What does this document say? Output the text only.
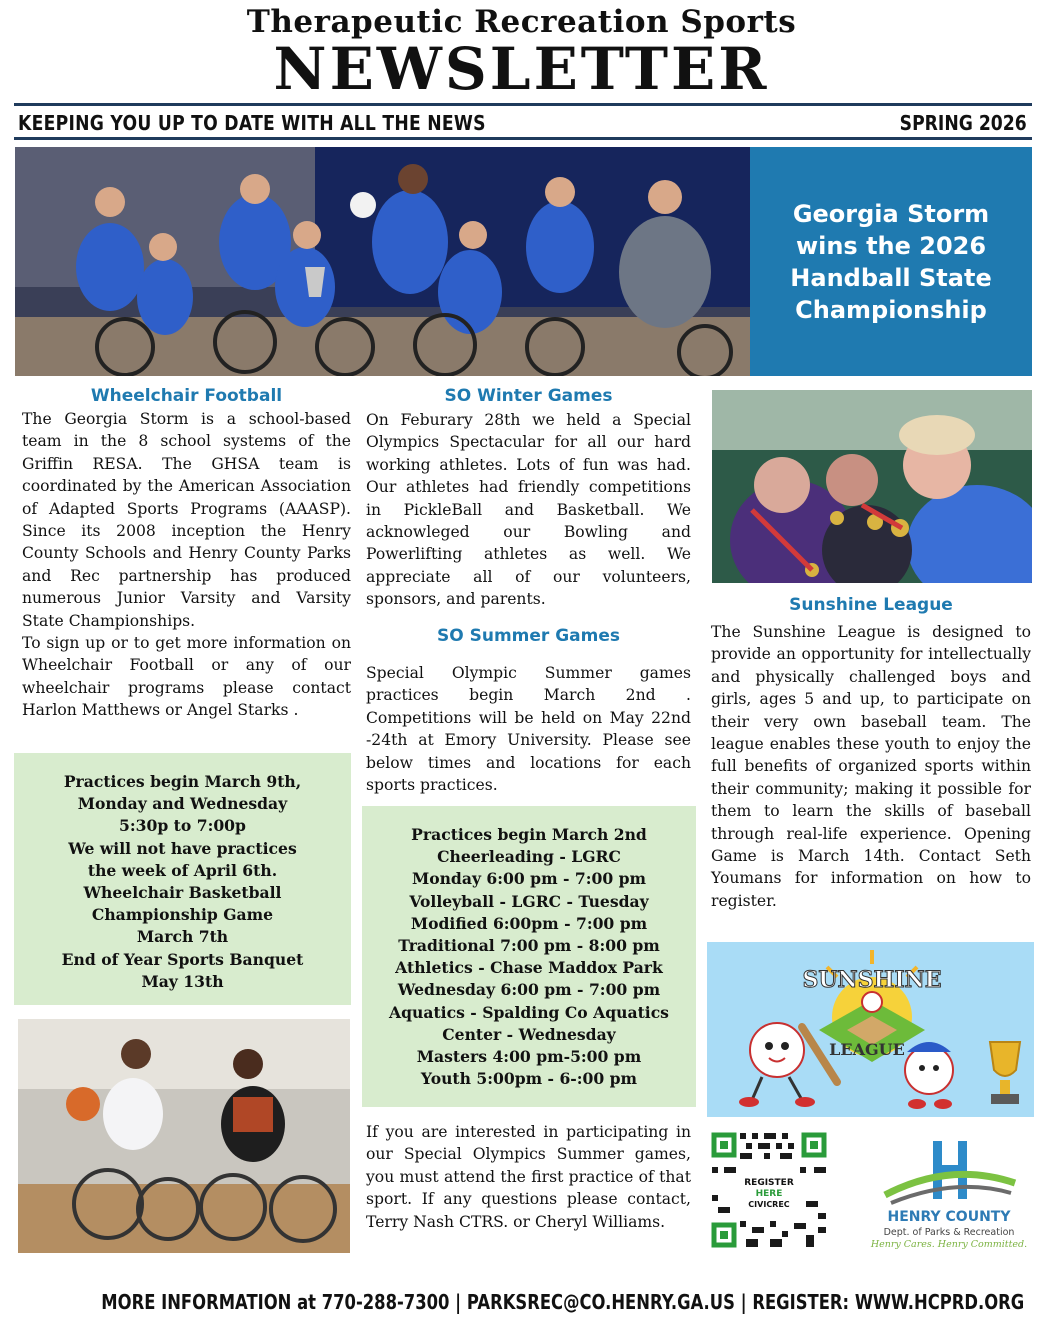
Therapeutic Recreation Sports
NEWSLETTER
KEEPING YOU UP TO DATE WITH ALL THE NEWS	SPRING 2026
Georgia Storm wins the 2026 Handball State Championship
Wheelchair Football
The Georgia Storm is a school-based team in the 8 school systems of the Griffin RESA. The GHSA team is coordinated by the American Association of Adapted Sports Programs (AAASP). Since its 2008 inception the Henry County Schools and Henry County Parks and Rec partnership has produced numerous Junior Varsity and Varsity State Championships.
To sign up or to get more information on Wheelchair Football or any of our wheelchair programs please contact Harlon Matthews or Angel Starks .
Practices begin March 9th,
Monday and Wednesday
5:30p to 7:00p
We will not have practices
the week of April 6th.
Wheelchair Basketball
Championship Game
March 7th
End of Year Sports Banquet
May 13th
SO Winter Games
On Feburary 28th we held a Special Olympics Spectacular for all our hard working athletes. Lots of fun was had. Our athletes had friendly competitions in PickleBall and Basketball. We acknowleged our Bowling and Powerlifting athletes as well. We appreciate all of our volunteers, sponsors, and parents.
SO Summer Games
Special Olympic Summer games practices begin March 2nd . Competitions will be held on May 22nd -24th at Emory University. Please see below times and locations for each sports practices.
Practices begin March 2nd
Cheerleading - LGRC
Monday 6:00 pm - 7:00 pm
Volleyball - LGRC - Tuesday
Modified 6:00pm - 7:00 pm
Traditional 7:00 pm - 8:00 pm
Athletics - Chase Maddox Park
Wednesday 6:00 pm - 7:00 pm
Aquatics - Spalding Co Aquatics
Center - Wednesday
Masters 4:00 pm-5:00 pm
Youth 5:00pm - 6-:00 pm
If you are interested in participating in our Special Olympics Summer games, you must attend the first practice of that sport. If any questions please contact, Terry Nash CTRS. or Cheryl Williams.
Sunshine League
The Sunshine League is designed to provide an opportunity for intellectually and physically challenged boys and girls, ages 5 and up, to participate on their very own baseball team. The league enables these youth to enjoy the full benefits of organized sports within their community; making it possible for them to learn the skills of baseball through real-life experience. Opening Game is March 14th. Contact Seth Youmans for information on how to register.
SUNSHINE
LEAGUE
REGISTER
HERE
CIVICREC
HENRY COUNTY
Dept. of Parks & Recreation
Henry Cares. Henry Committed.
MORE INFORMATION at 770-288-7300 | PARKSREC@CO.HENRY.GA.US | REGISTER: WWW.HCPRD.ORG
